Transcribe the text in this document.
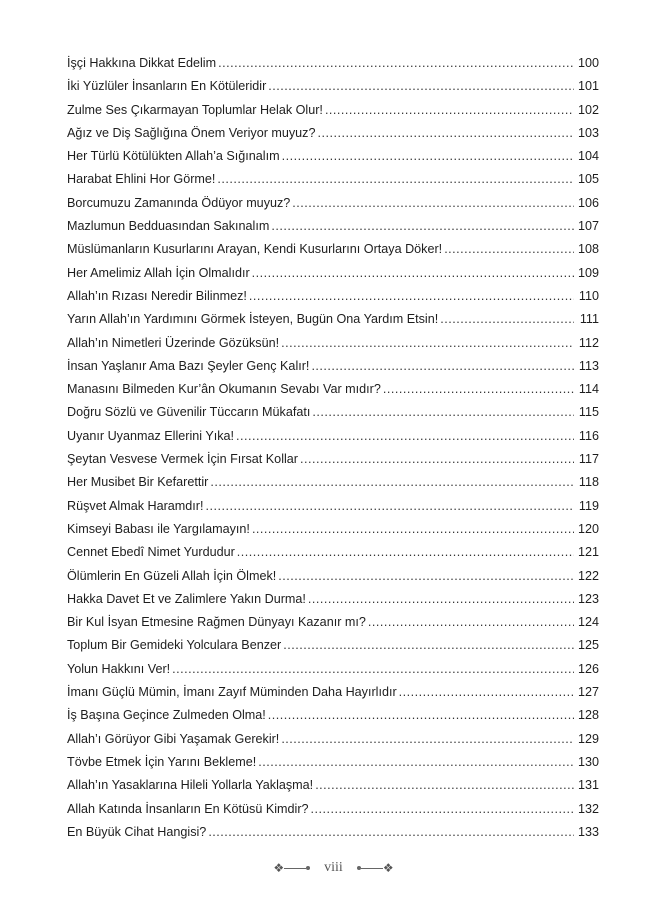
İşçi Hakkına Dikkat Edelim .....	100
İki Yüzlüler İnsanların En Kötüleridir .....	101
Zulme Ses Çıkarmayan Toplumlar Helak Olur! .....	102
Ağız ve Diş Sağlığına Önem Veriyor muyuz? .....	103
Her Türlü Kötülükten Allah’a Sığınalım .....	104
Harabat Ehlini Hor Görme! .....	105
Borcumuzu Zamanında Ödüyor muyuz? .....	106
Mazlumun Bedduasından Sakınalım .....	107
Müslümanların Kusurlarını Arayan, Kendi Kusurlarını Ortaya Döker! .....	108
Her Amelimiz Allah İçin Olmalıdır .....	109
Allah’ın Rızası Neredir Bilinmez! .....	110
Yarın Allah’ın Yardımını Görmek İsteyen, Bugün Ona Yardım Etsin! .....	111
Allah’ın Nimetleri Üzerinde Gözüksün! .....	112
İnsan Yaşlanır Ama Bazı Şeyler Genç Kalır! .....	113
Manasını Bilmeden Kur’ân Okumanın Sevabı Var mıdır? .....	114
Doğru Sözlü ve Güvenilir Tüccarın Mükafatı .....	115
Uyanır Uyanmaz Ellerini Yıka! .....	116
Şeytan Vesvese Vermek İçin Fırsat Kollar .....	117
Her Musibet Bir Kefarettir .....	118
Rüşvet Almak Haramdır! .....	119
Kimseyi Babası ile Yargılamayın! .....	120
Cennet Ebedî Nimet Yurdudur .....	121
Ölümlerin En Güzeli Allah İçin Ölmek! .....	122
Hakka Davet Et ve Zalimlere Yakın Durma! .....	123
Bir Kul İsyan Etmesine Rağmen Dünyayı Kazanır mı? .....	124
Toplum Bir Gemideki Yolculara Benzer .....	125
Yolun Hakkını Ver! .....	126
İmanı Güçlü Mümin, İmanı Zayıf Müminden Daha Hayırlıdır .....	127
İş Başına Geçince Zulmeden Olma! .....	128
Allah’ı Görüyor Gibi Yaşamak Gerekir! .....	129
Tövbe Etmek İçin Yarını Bekleme! .....	130
Allah’ın Yasaklarına Hileli Yollarla Yaklaşma! .....	131
Allah Katında İnsanların En Kötüsü Kimdir? .....	132
En Büyük Cihat Hangisi? .....	133
❖	viii	❖
